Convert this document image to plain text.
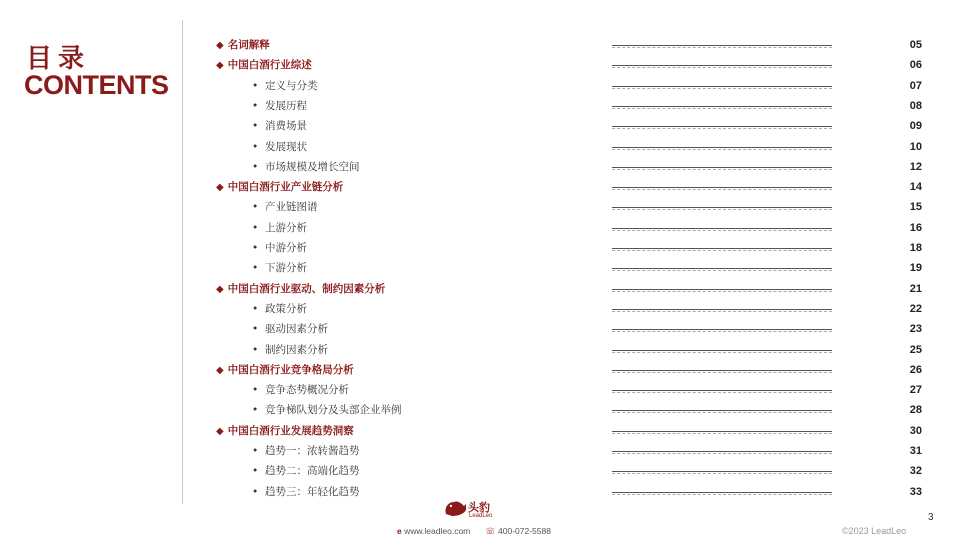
目录
CONTENTS
◆ 名词解释	05
◆ 中国白酒行业综述	06
• 定义与分类	07
• 发展历程	08
• 消费场景	09
• 发展现状	10
• 市场规模及增长空间	12
◆ 中国白酒行业产业链分析	14
• 产业链图谱	15
• 上游分析	16
• 中游分析	18
• 下游分析	19
◆ 中国白酒行业驱动、制约因素分析	21
• 政策分析	22
• 驱动因素分析	23
• 制约因素分析	25
◆ 中国白酒行业竞争格局分析	26
• 竞争态势概况分析	27
• 竞争梯队划分及头部企业举例	28
◆ 中国白酒行业发展趋势洞察	30
• 趋势一：浓转酱趋势	31
• 趋势二：高端化趋势	32
• 趋势三：年轻化趋势	33
头豹
LeadLeo
e www.leadleo.com ☏ 400-072-5588	©2023 LeadLeo
3
